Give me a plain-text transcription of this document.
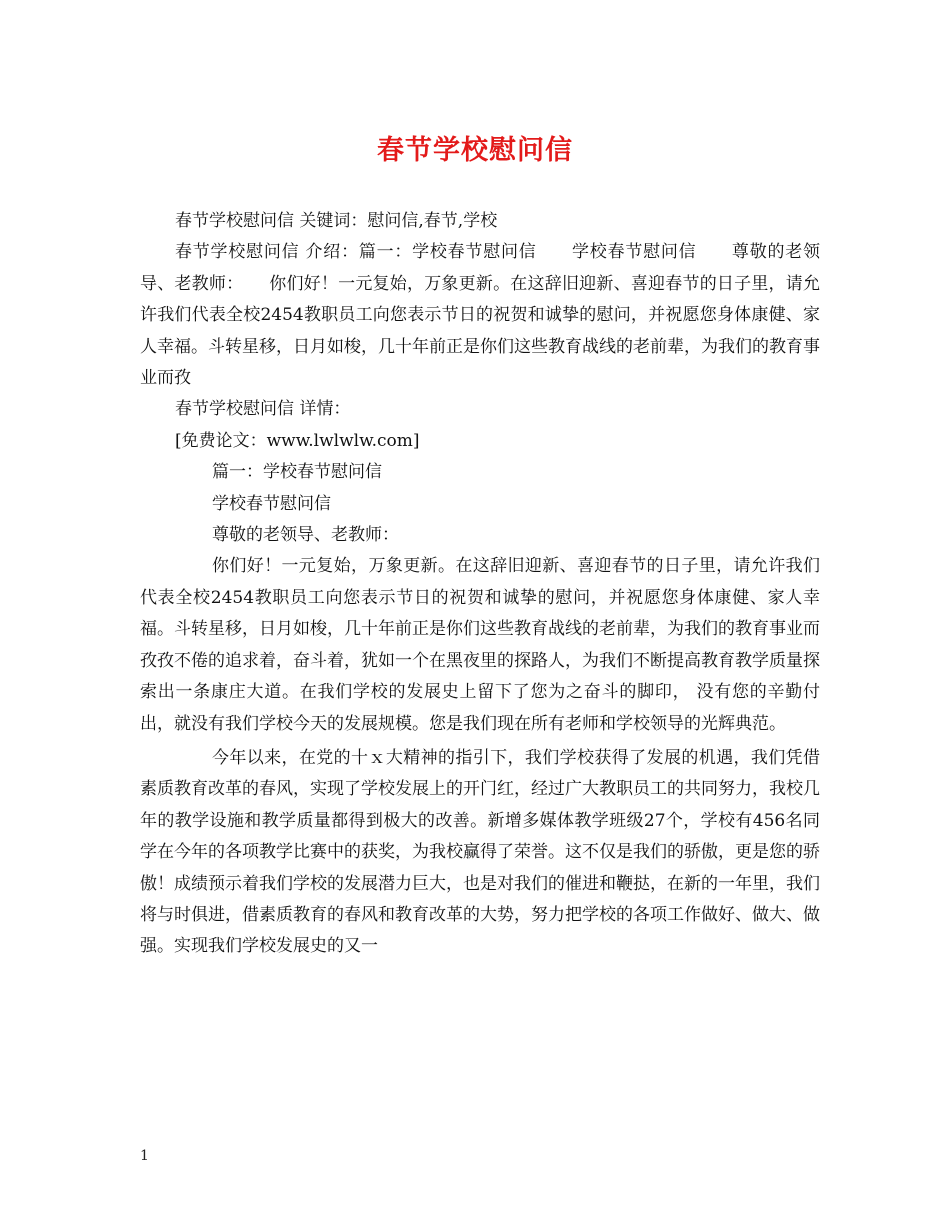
春节学校慰问信

春节学校慰问信 关键词：慰问信,春节,学校

春节学校慰问信 介绍：篇一：学校春节慰问信　　学校春节慰问信　　尊敬的老领导、老教师：　　你们好！一元复始，万象更新。在这辞旧迎新、喜迎春节的日子里，请允许我们代表全校2454教职员工向您表示节日的祝贺和诚挚的慰问，并祝愿您身体康健、家人幸福。斗转星移，日月如梭，几十年前正是你们这些教育战线的老前辈，为我们的教育事业而孜

春节学校慰问信 详情：

[免费论文：www.lwlwlw.com]

篇一：学校春节慰问信

学校春节慰问信

尊敬的老领导、老教师：

你们好！一元复始，万象更新。在这辞旧迎新、喜迎春节的日子里，请允许我们代表全校2454教职员工向您表示节日的祝贺和诚挚的慰问，并祝愿您身体康健、家人幸福。斗转星移，日月如梭，几十年前正是你们这些教育战线的老前辈，为我们的教育事业而孜孜不倦的追求着，奋斗着，犹如一个在黑夜里的探路人，为我们不断提高教育教学质量探索出一条康庄大道。在我们学校的发展史上留下了您为之奋斗的脚印， 没有您的辛勤付出，就没有我们学校今天的发展规模。您是我们现在所有老师和学校领导的光辉典范。

今年以来，在党的十ｘ大精神的指引下，我们学校获得了发展的机遇，我们凭借素质教育改革的春风，实现了学校发展上的开门红，经过广大教职员工的共同努力，我校几年的教学设施和教学质量都得到极大的改善。新增多媒体教学班级27个，学校有456名同学在今年的各项教学比赛中的获奖，为我校赢得了荣誉。这不仅是我们的骄傲，更是您的骄傲！成绩预示着我们学校的发展潜力巨大，也是对我们的催进和鞭挞，在新的一年里，我们将与时俱进，借素质教育的春风和教育改革的大势，努力把学校的各项工作做好、做大、做强。实现我们学校发展史的又一

1
